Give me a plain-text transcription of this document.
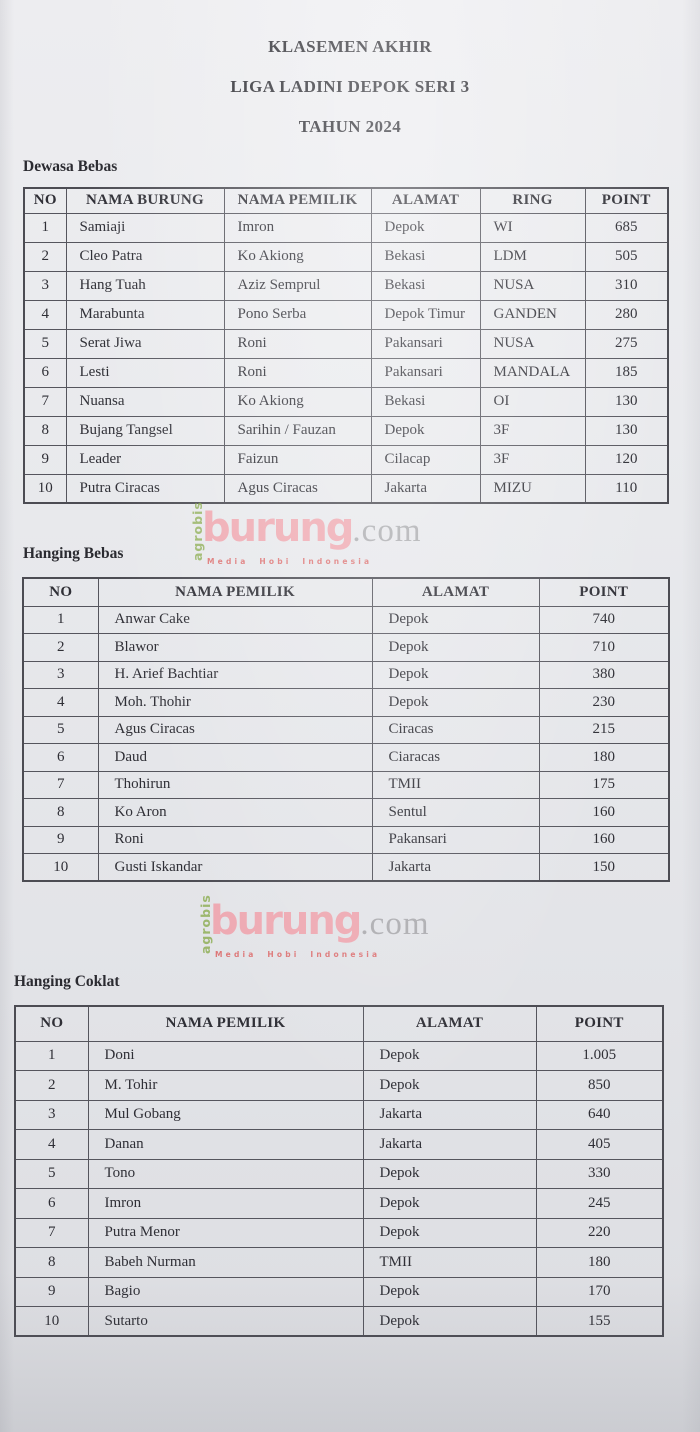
KLASEMEN AKHIR
LIGA LADINI DEPOK SERI 3
TAHUN 2024
Dewasa Bebas
NO	NAMA BURUNG	NAMA PEMILIK	ALAMAT	RING	POINT
1	Samiaji	Imron	Depok	WI	685
2	Cleo Patra	Ko Akiong	Bekasi	LDM	505
3	Hang Tuah	Aziz Semprul	Bekasi	NUSA	310
4	Marabunta	Pono Serba	Depok Timur	GANDEN	280
5	Serat Jiwa	Roni	Pakansari	NUSA	275
6	Lesti	Roni	Pakansari	MANDALA	185
7	Nuansa	Ko Akiong	Bekasi	OI	130
8	Bujang Tangsel	Sarihin / Fauzan	Depok	3F	130
9	Leader	Faizun	Cilacap	3F	120
10	Putra Ciracas	Agus Ciracas	Jakarta	MIZU	110
agrobis
burung.com
Media Hobi Indonesia
Hanging Bebas
NO	NAMA PEMILIK	ALAMAT	POINT
1	Anwar Cake	Depok	740
2	Blawor	Depok	710
3	H. Arief Bachtiar	Depok	380
4	Moh. Thohir	Depok	230
5	Agus Ciracas	Ciracas	215
6	Daud	Ciaracas	180
7	Thohirun	TMII	175
8	Ko Aron	Sentul	160
9	Roni	Pakansari	160
10	Gusti Iskandar	Jakarta	150
agrobis
burung.com
Media Hobi Indonesia
Hanging Coklat
NO	NAMA PEMILIK	ALAMAT	POINT
1	Doni	Depok	1.005
2	M. Tohir	Depok	850
3	Mul Gobang	Jakarta	640
4	Danan	Jakarta	405
5	Tono	Depok	330
6	Imron	Depok	245
7	Putra Menor	Depok	220
8	Babeh Nurman	TMII	180
9	Bagio	Depok	170
10	Sutarto	Depok	155
